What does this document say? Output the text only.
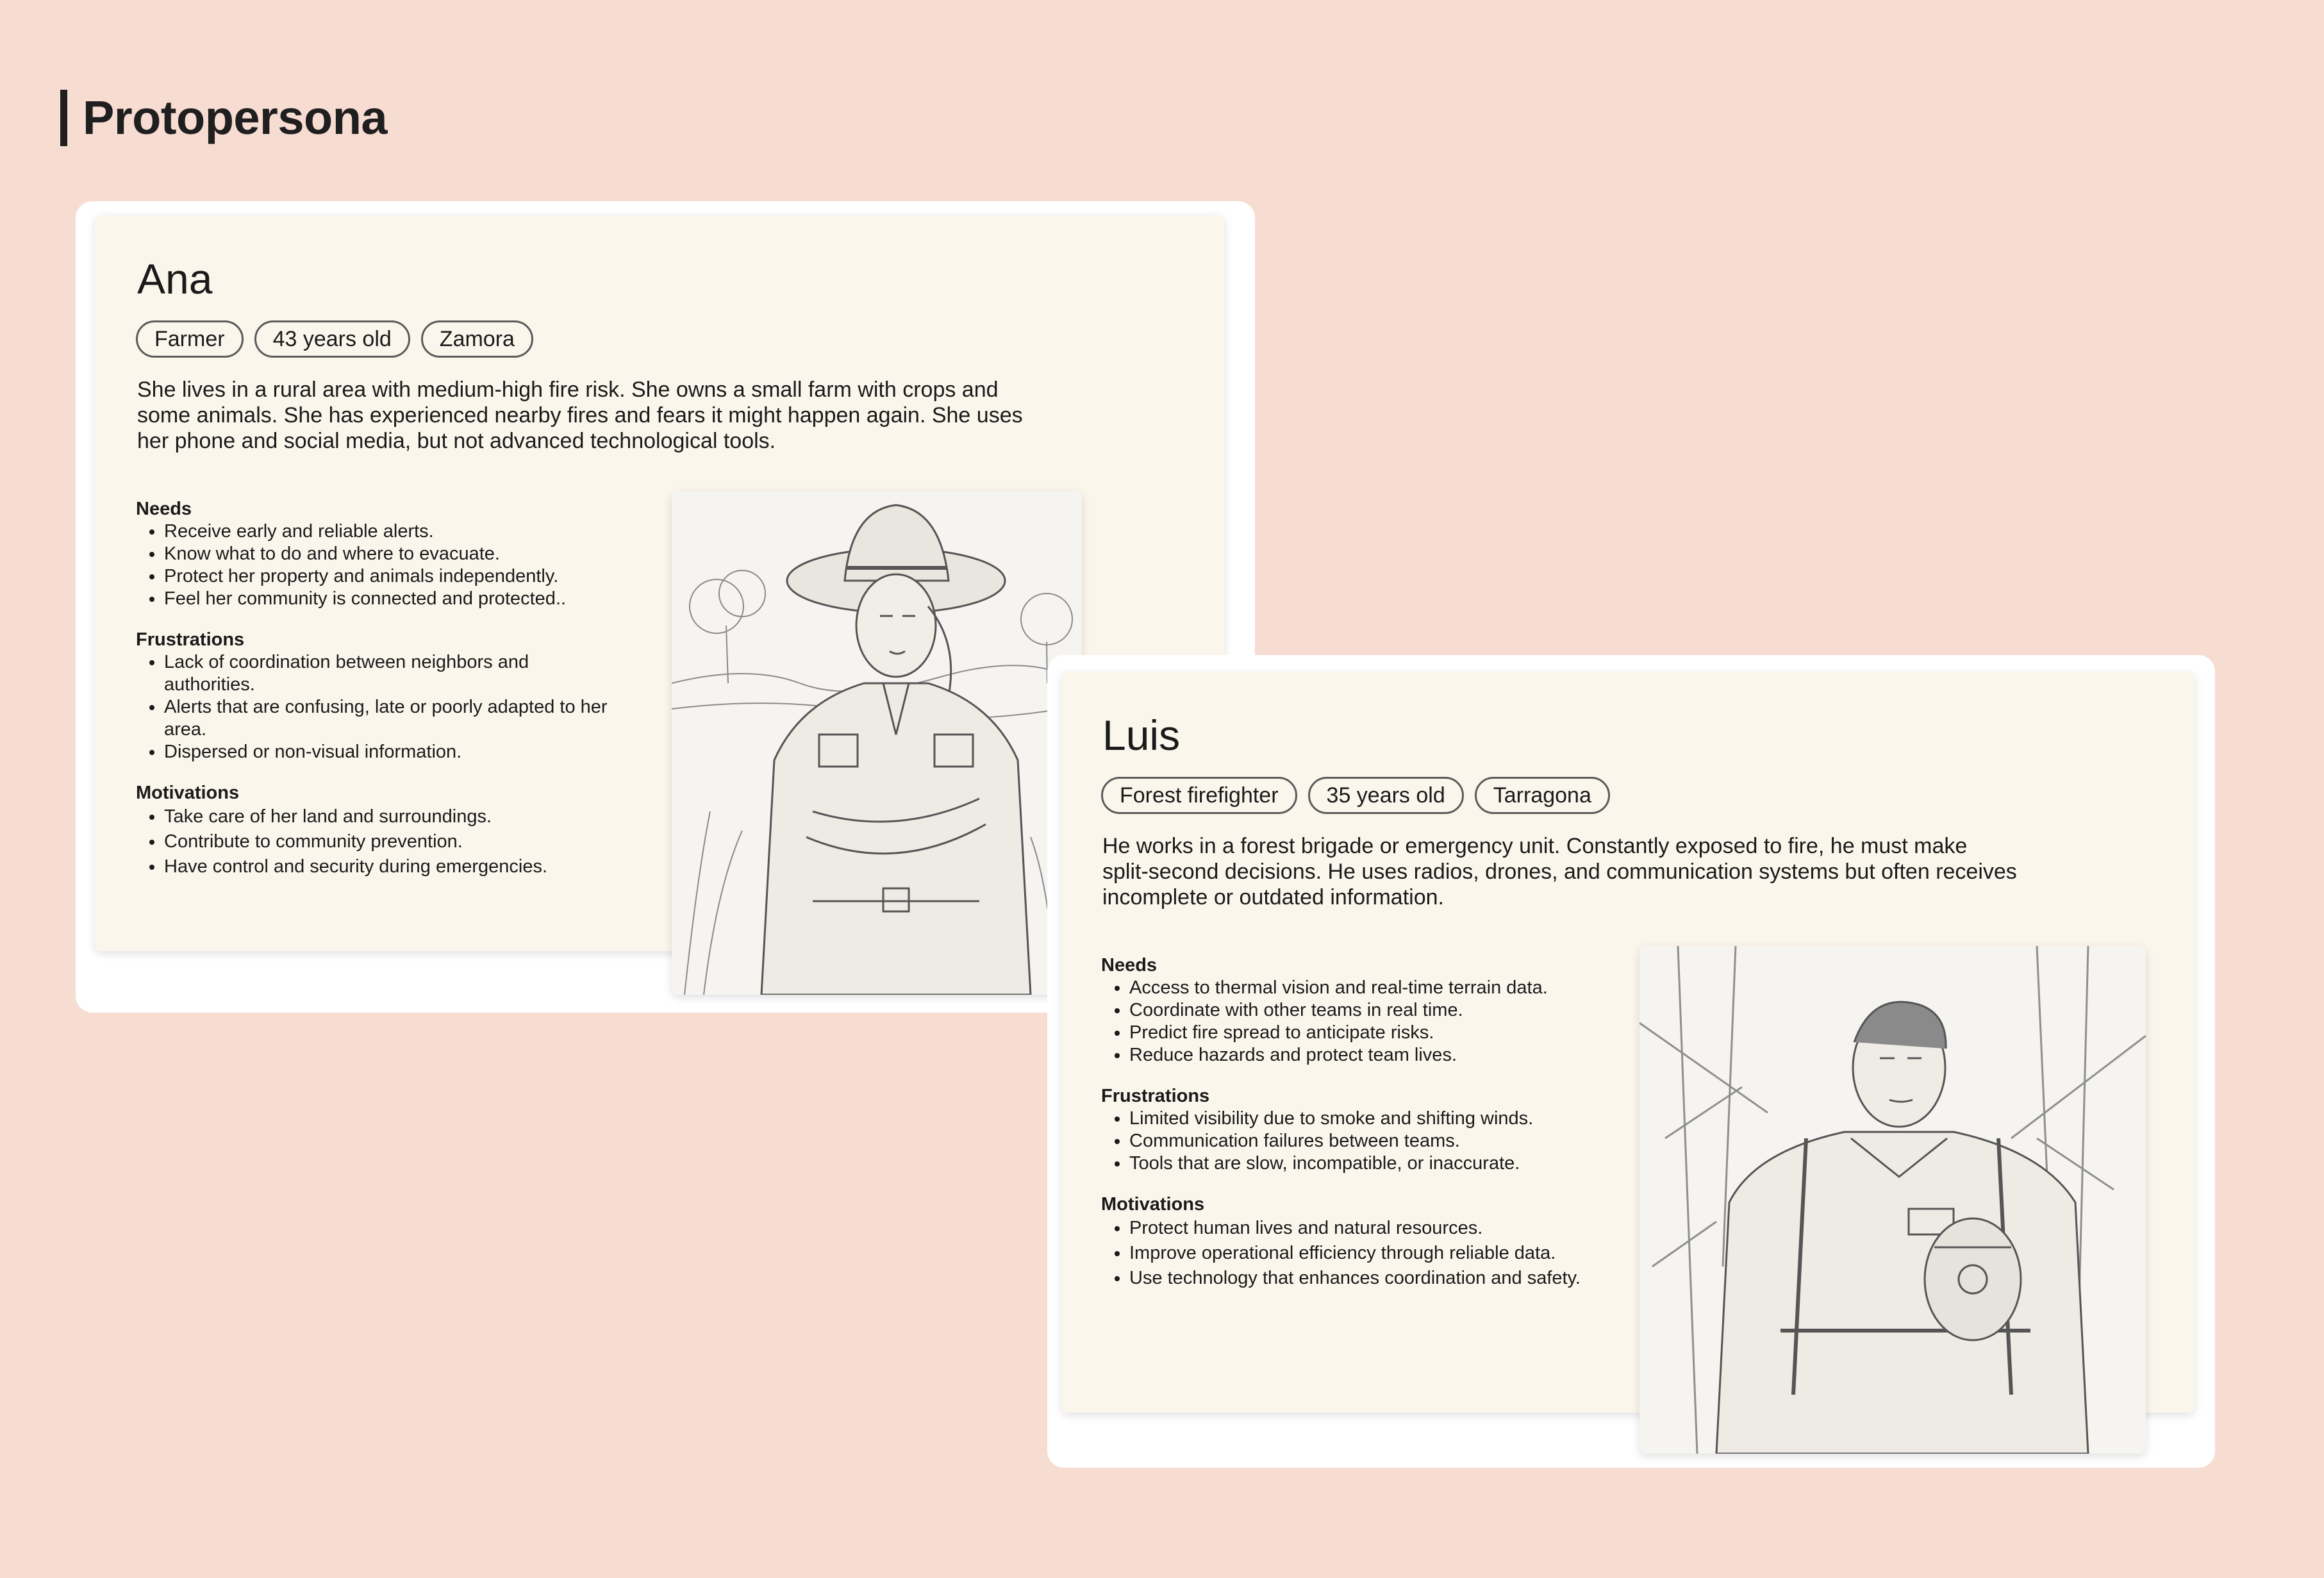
Protopersona
Ana
Farmer	43 years old	Zamora

She lives in a rural area with medium-high fire risk. She owns a small farm with crops and some animals. She has experienced nearby fires and fears it might happen again. She uses her phone and social media, but not advanced technological tools.

Needs

• Receive early and reliable alerts.
• Know what to do and where to evacuate.
• Protect her property and animals independently.
• Feel her community is connected and protected..

Frustrations

• Lack of coordination between neighbors and authorities.
• Alerts that are confusing, late or poorly adapted to her area.
• Dispersed or non-visual information.

Motivations

• Take care of her land and surroundings.
• Contribute to community prevention.
• Have control and security during emergencies.
Luis
Forest firefighter	35 years old	Tarragona

He works in a forest brigade or emergency unit. Constantly exposed to fire, he must make split-second decisions. He uses radios, drones, and communication systems but often receives incomplete or outdated information.

Needs

• Access to thermal vision and real-time terrain data.
• Coordinate with other teams in real time.
• Predict fire spread to anticipate risks.
• Reduce hazards and protect team lives.

Frustrations

• Limited visibility due to smoke and shifting winds.
• Communication failures between teams.
• Tools that are slow, incompatible, or inaccurate.

Motivations

• Protect human lives and natural resources.
• Improve operational efficiency through reliable data.
• Use technology that enhances coordination and safety.
